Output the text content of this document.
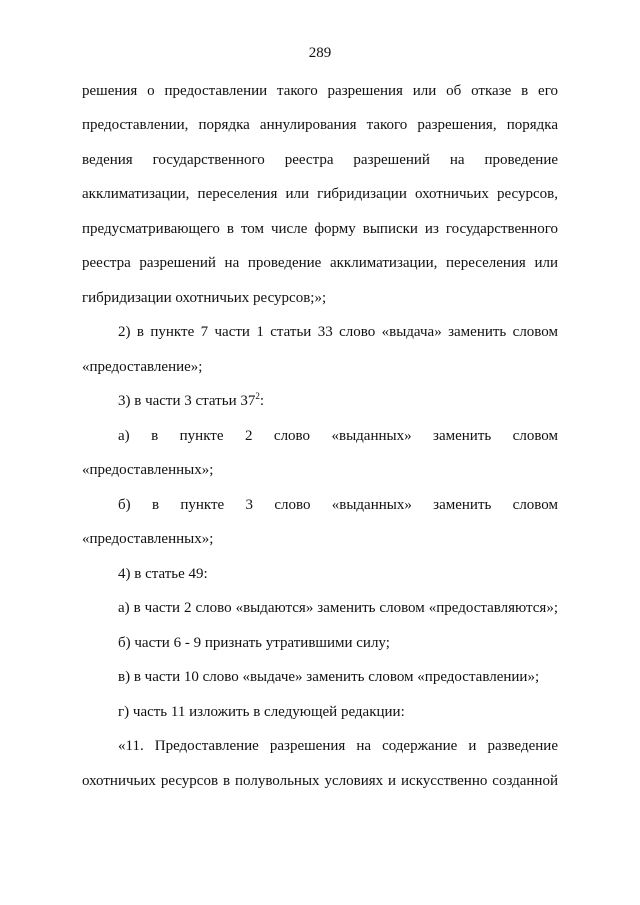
289
решения о предоставлении такого разрешения или об отказе в его
предоставлении, порядка аннулирования такого разрешения, порядка
ведения государственного реестра разрешений на проведение
акклиматизации, переселения или гибридизации охотничьих ресурсов,
предусматривающего в том числе форму выписки из государственного
реестра разрешений на проведение акклиматизации, переселения или
гибридизации охотничьих ресурсов;»;
2) в пункте 7 части 1 статьи 33 слово «выдача» заменить словом
«предоставление»;
3) в части 3 статьи $37^2$:
а) в пункте 2 слово «выданных» заменить словом
«предоставленных»;
б) в пункте 3 слово «выданных» заменить словом
«предоставленных»;
4) в статье 49:
а) в части 2 слово «выдаются» заменить словом «предоставляются»;
б) части 6 - 9 признать утратившими силу;
в) в части 10 слово «выдаче» заменить словом «предоставлении»;
г) часть 11 изложить в следующей редакции:
«11. Предоставление разрешения на содержание и разведение
охотничьих ресурсов в полувольных условиях и искусственно созданной
